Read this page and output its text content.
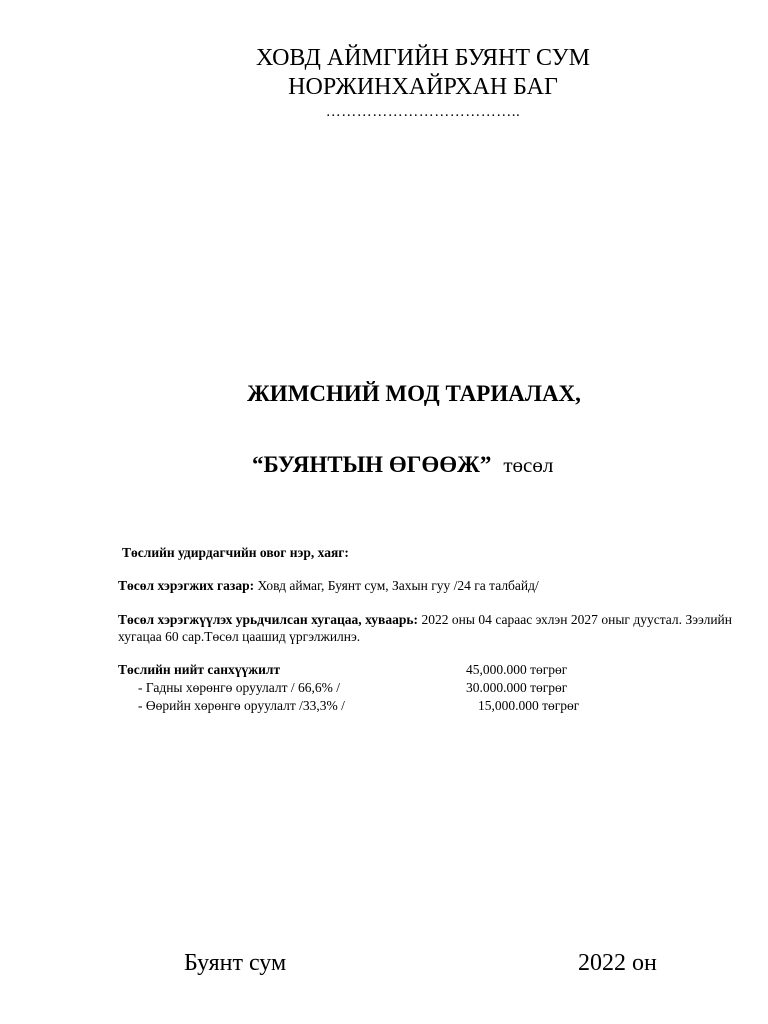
ХОВД АЙМГИЙН БУЯНТ СУМ
НОРЖИНХАЙРХАН БАГ
………………………………..
ЖИМСНИЙ МОД ТАРИАЛАХ,
“БУЯНТЫН ӨГӨӨЖ” төсөл
Төслийн удирдагчийн овог нэр, хаяг:
Төсөл хэрэгжих газар: Ховд аймаг, Буянт сум, Захын гуу /24 га талбайд/
Төсөл хэрэгжүүлэх урьдчилсан хугацаа, хуваарь: 2022 оны 04 сараас эхлэн 2027 оныг дуустал. Зээлийн хугацаа 60 сар.Төсөл цаашид үргэлжилнэ.
Төслийн нийт санхүүжилт	45,000.000 төгрөг
- Гадны хөрөнгө оруулалт / 66,6% /	30.000.000 төгрөг
- Өөрийн хөрөнгө оруулалт /33,3% /	15,000.000 төгрөг
Буянт сум	2022 он
